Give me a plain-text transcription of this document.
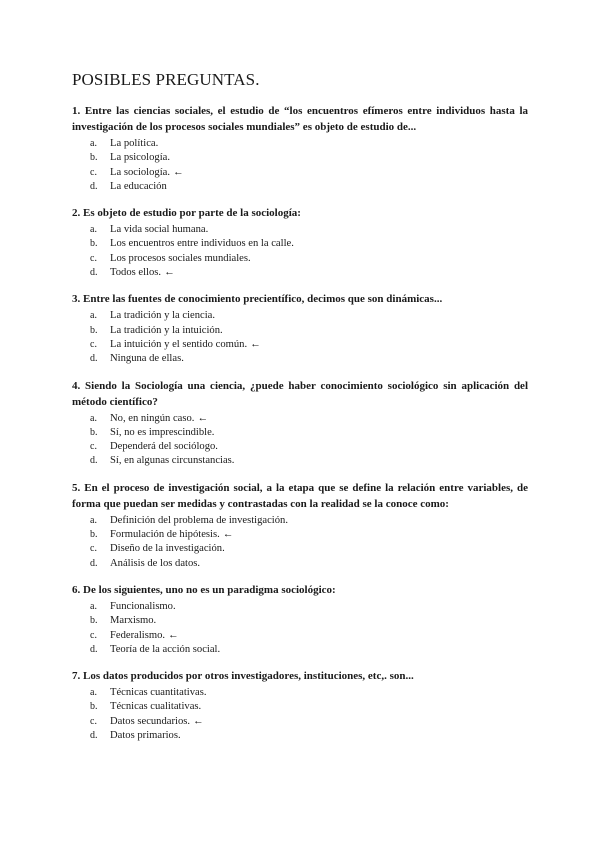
POSIBLES PREGUNTAS.

1. Entre las ciencias sociales, el estudio de “los encuentros efímeros entre individuos hasta la investigación de los procesos sociales mundiales” es objeto de estudio de...

a.	La política.
b.	La psicología.
c.	La sociología. ←
d.	La educación

2. Es objeto de estudio por parte de la sociología:

a.	La vida social humana.
b.	Los encuentros entre individuos en la calle.
c.	Los procesos sociales mundiales.
d.	Todos ellos. ←

3. Entre las fuentes de conocimiento precientífico, decimos que son dinámicas...

a.	La tradición y la ciencia.
b.	La tradición y la intuición.
c.	La intuición y el sentido común. ←
d.	Ninguna de ellas.

4. Siendo la Sociología una ciencia, ¿puede haber conocimiento sociológico sin aplicación del método científico?

a.	No, en ningún caso. ←
b.	Sí, no es imprescindible.
c.	Dependerá del sociólogo.
d.	Sí, en algunas circunstancias.

5. En el proceso de investigación social, a la etapa que se define la relación entre variables, de forma que puedan ser medidas y contrastadas con la realidad se la conoce como:

a.	Definición del problema de investigación.
b.	Formulación de hipótesis. ←
c.	Diseño de la investigación.
d.	Análisis de los datos.

6. De los siguientes, uno no es un paradigma sociológico:

a.	Funcionalismo.
b.	Marxismo.
c.	Federalismo. ←
d.	Teoría de la acción social.

7. Los datos producidos por otros investigadores, instituciones, etc,. son...

a.	Técnicas cuantitativas.
b.	Técnicas cualitativas.
c.	Datos secundarios. ←
d.	Datos primarios.
